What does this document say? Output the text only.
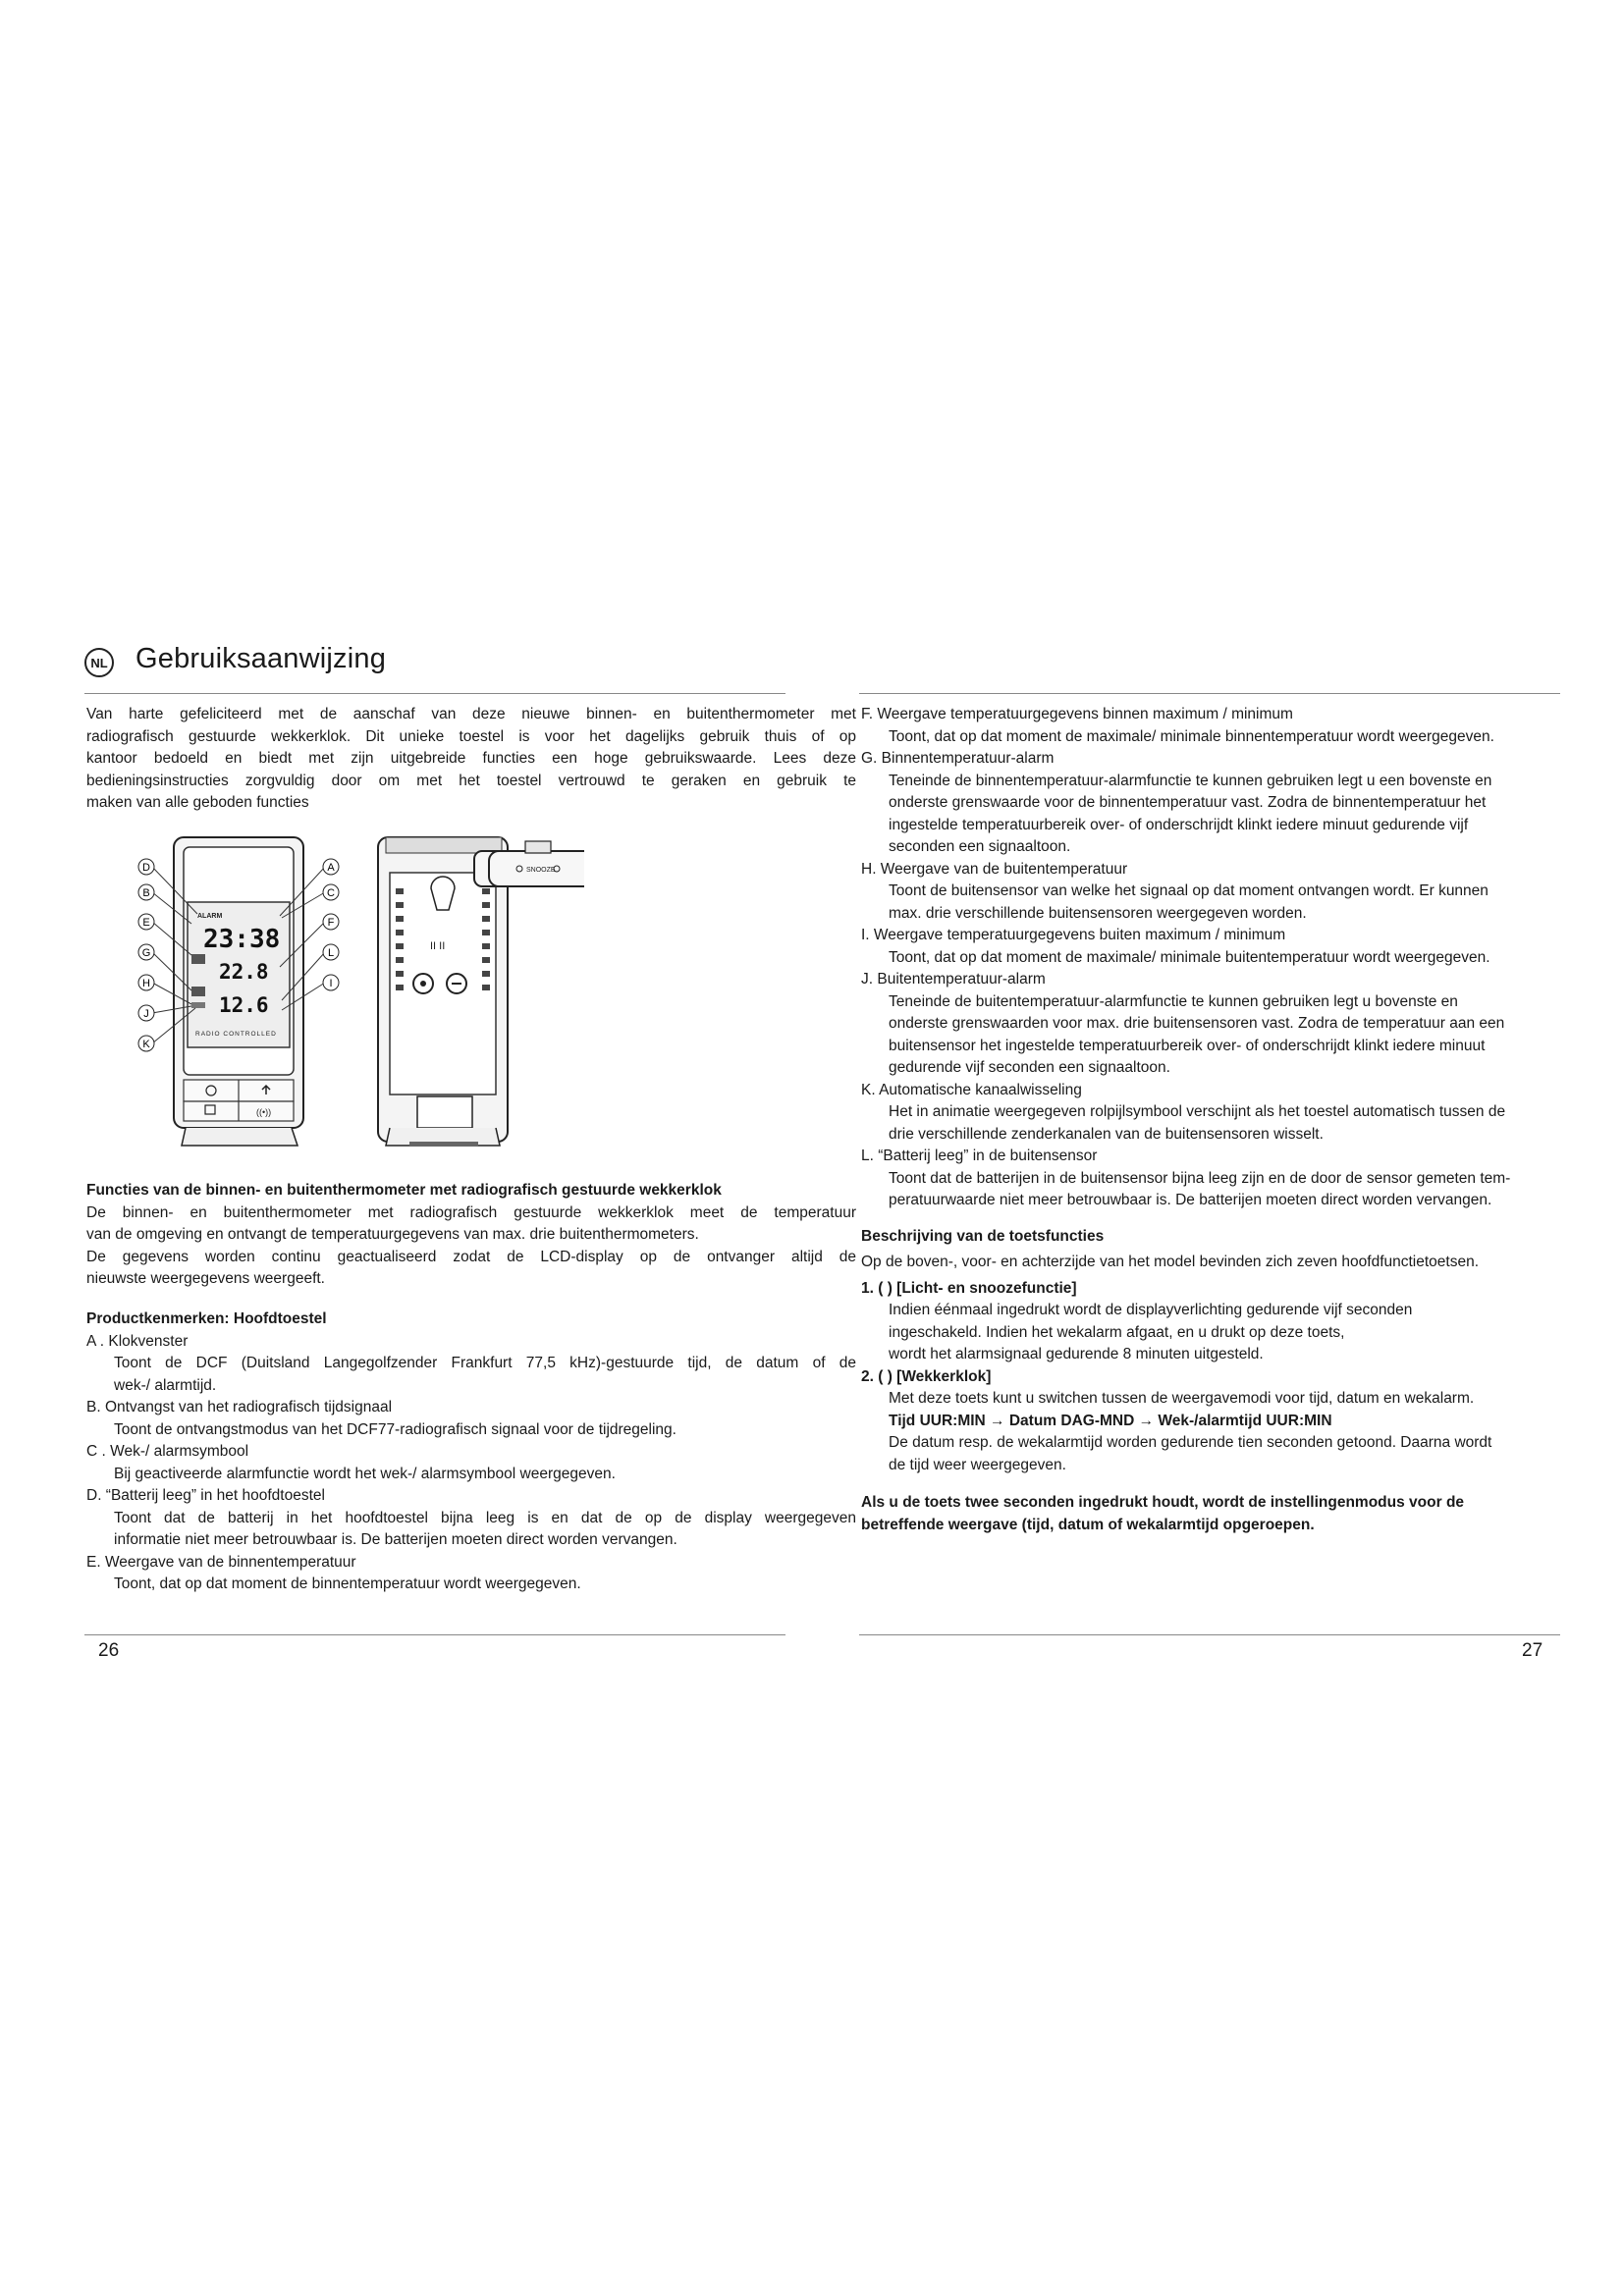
NL Gebruiksaanwijzing
Van harte gefeliciteerd met de aanschaf van deze nieuwe binnen- en buitenthermometer met
radiografisch gestuurde wekkerklok. Dit unieke toestel is voor het dagelijks gebruik thuis of op
kantoor bedoeld en biedt met zijn uitgebreide functies een hoge gebruikswaarde. Lees deze
bedieningsinstructies zorgvuldig door om met het toestel vertrouwd te geraken en gebruik te
maken van alle geboden functies
ALARM
23:38
22.8
12.6
RADIO CONTROLLED
((•))
D
B
E
G
H
J
K
A
C
F
L
I
II II
SNOOZE
Functies van de binnen- en buitenthermometer met radiografisch gestuurde wekkerklok
De binnen- en buitenthermometer met radiografisch gestuurde wekkerklok meet de temperatuur
van de omgeving en ontvangt de temperatuurgegevens van max. drie buitenthermometers.
De gegevens worden continu geactualiseerd zodat de LCD-display op de ontvanger altijd de
nieuwste weergegevens weergeeft.
Productkenmerken: Hoofdtoestel
A . Klokvenster
Toont de DCF (Duitsland Langegolfzender Frankfurt 77,5 kHz)-gestuurde tijd, de datum of de
wek-/ alarmtijd.
B. Ontvangst van het radiografisch tijdsignaal
Toont de ontvangstmodus van het DCF77-radiografisch signaal voor de tijdregeling.
C . Wek-/ alarmsymbool
Bij geactiveerde alarmfunctie wordt het wek-/ alarmsymbool weergegeven.
D. “Batterij leeg” in het hoofdtoestel
Toont dat de batterij in het hoofdtoestel bijna leeg is en dat de op de display weergegeven
informatie niet meer betrouwbaar is. De batterijen moeten direct worden vervangen.
E. Weergave van de binnentemperatuur
Toont, dat op dat moment de binnentemperatuur wordt weergegeven.
26
F. Weergave temperatuurgegevens binnen maximum / minimum
Toont, dat op dat moment de maximale/ minimale binnentemperatuur wordt weergegeven.
G. Binnentemperatuur-alarm
Teneinde de binnentemperatuur-alarmfunctie te kunnen gebruiken legt u een bovenste en
onderste grenswaarde voor de binnentemperatuur vast. Zodra de binnentemperatuur het
ingestelde temperatuurbereik over- of onderschrijdt klinkt iedere minuut gedurende vijf
seconden een signaaltoon.
H. Weergave van de buitentemperatuur
Toont de buitensensor van welke het signaal op dat moment ontvangen wordt. Er kunnen
max. drie verschillende buitensensoren weergegeven worden.
I. Weergave temperatuurgegevens buiten maximum / minimum
Toont, dat op dat moment de maximale/ minimale buitentemperatuur wordt weergegeven.
J. Buitentemperatuur-alarm
Teneinde de buitentemperatuur-alarmfunctie te kunnen gebruiken legt u bovenste en
onderste grenswaarden voor max. drie buitensensoren vast. Zodra de temperatuur aan een
buitensensor het ingestelde temperatuurbereik over- of onderschrijdt klinkt iedere minuut
gedurende vijf seconden een signaaltoon.
K. Automatische kanaalwisseling
Het in animatie weergegeven rolpijlsymbool verschijnt als het toestel automatisch tussen de
drie verschillende zenderkanalen van de buitensensoren wisselt.
L. “Batterij leeg” in de buitensensor
Toont dat de batterijen in de buitensensor bijna leeg zijn en de door de sensor gemeten tem-
peratuurwaarde niet meer betrouwbaar is. De batterijen moeten direct worden vervangen.
Beschrijving van de toetsfuncties
Op de boven-, voor- en achterzijde van het model bevinden zich zeven hoofdfunctietoetsen.
1. ( ) [Licht- en snoozefunctie]
Indien éénmaal ingedrukt wordt de displayverlichting gedurende vijf seconden
ingeschakeld. Indien het wekalarm afgaat, en u drukt op deze toets,
wordt het alarmsignaal gedurende 8 minuten uitgesteld.
2. ( ) [Wekkerklok]
Met deze toets kunt u switchen tussen de weergavemodi voor tijd, datum en wekalarm.
Tijd UUR:MIN → Datum DAG-MND → Wek-/alarmtijd UUR:MIN
De datum resp. de wekalarmtijd worden gedurende tien seconden getoond. Daarna wordt
de tijd weer weergegeven.
Als u de toets twee seconden ingedrukt houdt, wordt de instellingenmodus voor de
betreffende weergave (tijd, datum of wekalarmtijd opgeroepen.
27
